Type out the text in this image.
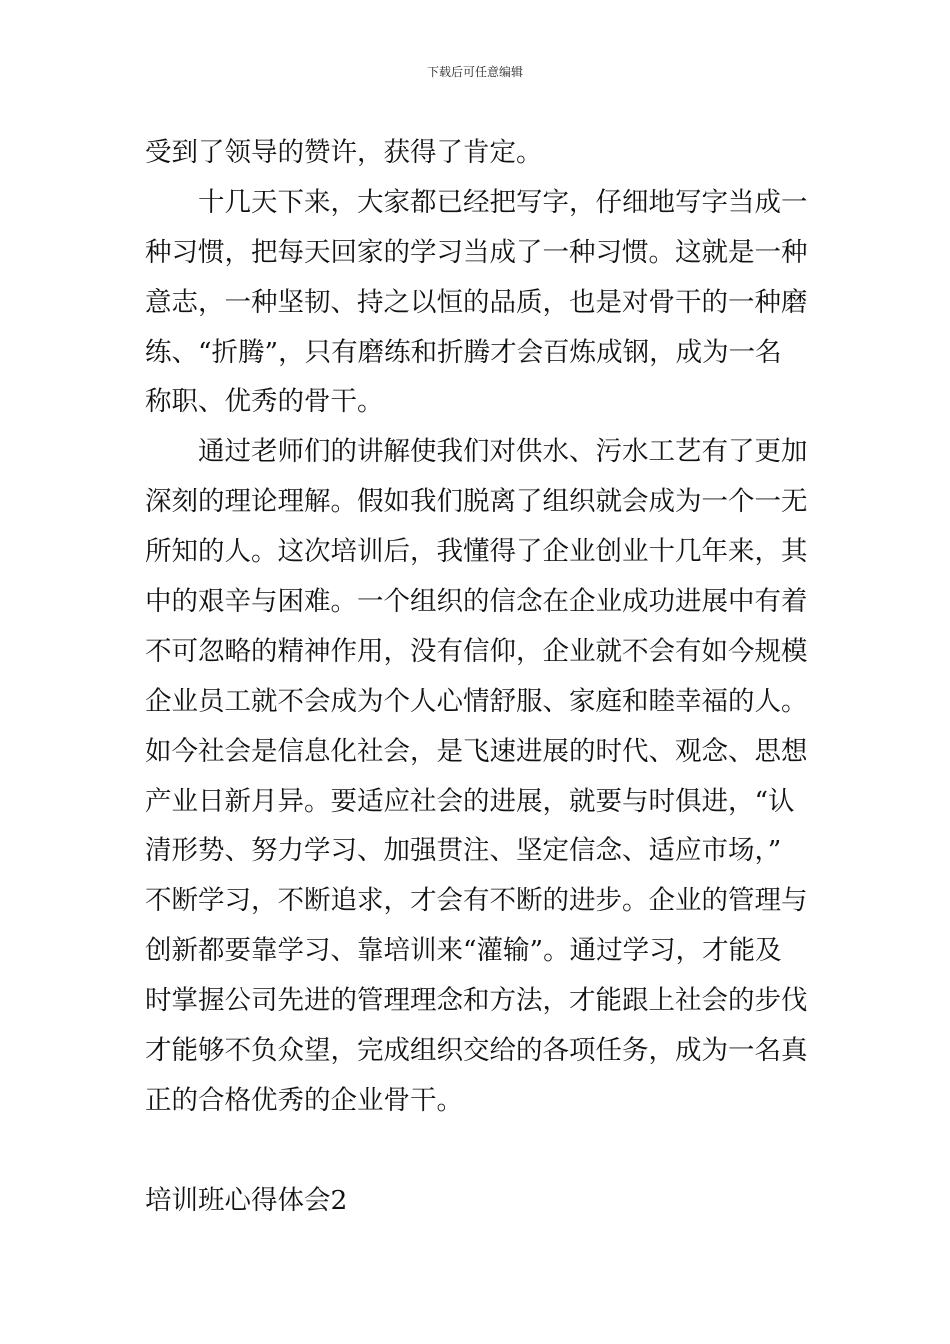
下载后可任意编辑
受到了领导的赞许，获得了肯定。
十几天下来，大家都已经把写字，仔细地写字当成一
种习惯，把每天回家的学习当成了一种习惯。这就是一种
意志，一种坚韧、持之以恒的品质，也是对骨干的一种磨
练、“折腾”，只有磨练和折腾才会百炼成钢，成为一名
称职、优秀的骨干。
通过老师们的讲解使我们对供水、污水工艺有了更加
深刻的理论理解。假如我们脱离了组织就会成为一个一无
所知的人。这次培训后，我懂得了企业创业十几年来，其
中的艰辛与困难。一个组织的信念在企业成功进展中有着
不可忽略的精神作用，没有信仰，企业就不会有如今规模
企业员工就不会成为个人心情舒服、家庭和睦幸福的人。
如今社会是信息化社会，是飞速进展的时代、观念、思想
产业日新月异。要适应社会的进展，就要与时俱进，“认
清形势、努力学习、加强贯注、坚定信念、适应市场，”
不断学习，不断追求，才会有不断的进步。企业的管理与
创新都要靠学习、靠培训来“灌输”。通过学习，才能及
时掌握公司先进的管理理念和方法，才能跟上社会的步伐
才能够不负众望，完成组织交给的各项任务，成为一名真
正的合格优秀的企业骨干。
培训班心得体会2
